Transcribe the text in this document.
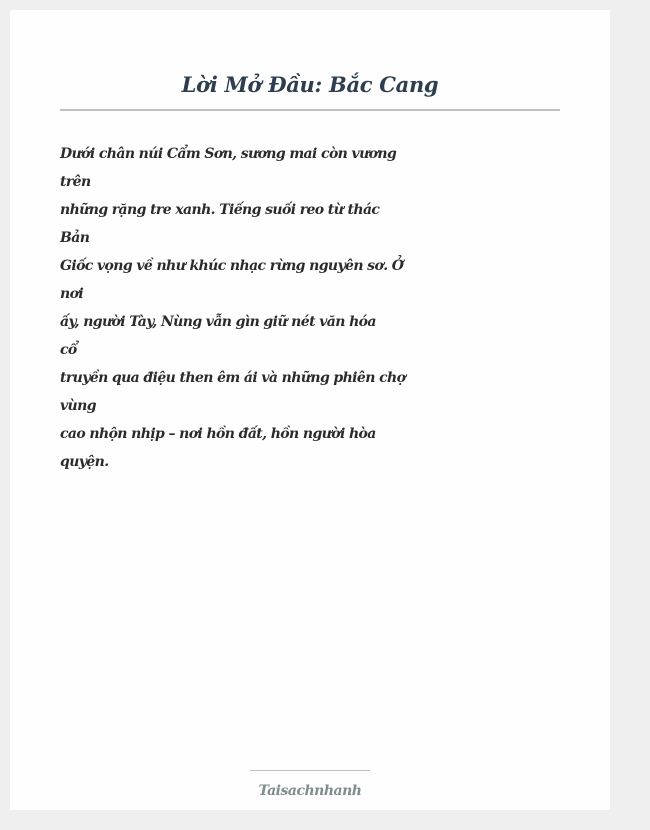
Lời Mở Đầu: Bắc Cang
Dưới chân núi Cẩm Sơn, sương mai còn vương
trên
những rặng tre xanh. Tiếng suối reo từ thác
Bản
Giốc vọng về như khúc nhạc rừng nguyên sơ. Ở
nơi
ấy, người Tày, Nùng vẫn gìn giữ nét văn hóa
cổ
truyền qua điệu then êm ái và những phiên chợ
vùng
cao nhộn nhịp – nơi hồn đất, hồn người hòa
quyện.
Taisachnhanh
